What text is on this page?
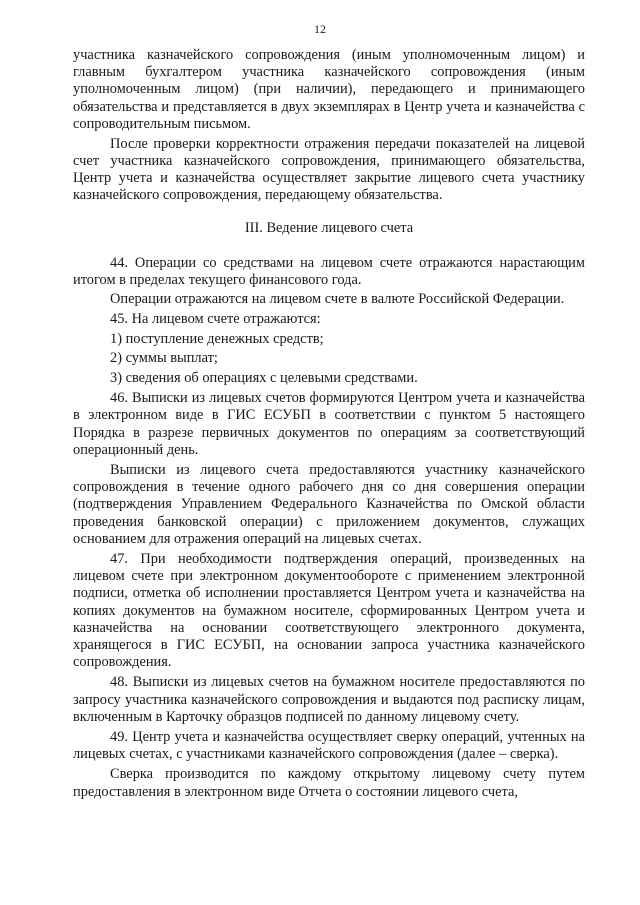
12

участника казначейского сопровождения (иным уполномоченным лицом) и главным бухгалтером участника казначейского сопровождения (иным уполномоченным лицом) (при наличии), передающего и принимающего обязательства и представляется в двух экземплярах в Центр учета и казначейства с сопроводительным письмом.

После проверки корректности отражения передачи показателей на лицевой счет участника казначейского сопровождения, принимающего обязательства, Центр учета и казначейства осуществляет закрытие лицевого счета участнику казначейского сопровождения, передающему обязательства.

III. Ведение лицевого счета

44. Операции со средствами на лицевом счете отражаются нарастающим итогом в пределах текущего финансового года.

Операции отражаются на лицевом счете в валюте Российской Федерации.

45. На лицевом счете отражаются:

1) поступление денежных средств;

2) суммы выплат;

3) сведения об операциях с целевыми средствами.

46. Выписки из лицевых счетов формируются Центром учета и казначейства в электронном виде в ГИС ЕСУБП в соответствии с пунктом 5 настоящего Порядка в разрезе первичных документов по операциям за соответствующий операционный день.

Выписки из лицевого счета предоставляются участнику казначейского сопровождения в течение одного рабочего дня со дня совершения операции (подтверждения Управлением Федерального Казначейства по Омской области проведения банковской операции) с приложением документов, служащих основанием для отражения операций на лицевых счетах.

47. При необходимости подтверждения операций, произведенных на лицевом счете при электронном документообороте с применением электронной подписи, отметка об исполнении проставляется Центром учета и казначейства на копиях документов на бумажном носителе, сформированных Центром учета и казначейства на основании соответствующего электронного документа, хранящегося в ГИС ЕСУБП, на основании запроса участника казначейского сопровождения.

48. Выписки из лицевых счетов на бумажном носителе предоставляются по запросу участника казначейского сопровождения и выдаются под расписку лицам, включенным в Карточку образцов подписей по данному лицевому счету.

49. Центр учета и казначейства осуществляет сверку операций, учтенных на лицевых счетах, с участниками казначейского сопровождения (далее – сверка).

Сверка производится по каждому открытому лицевому счету путем предоставления в электронном виде Отчета о состоянии лицевого счета,
